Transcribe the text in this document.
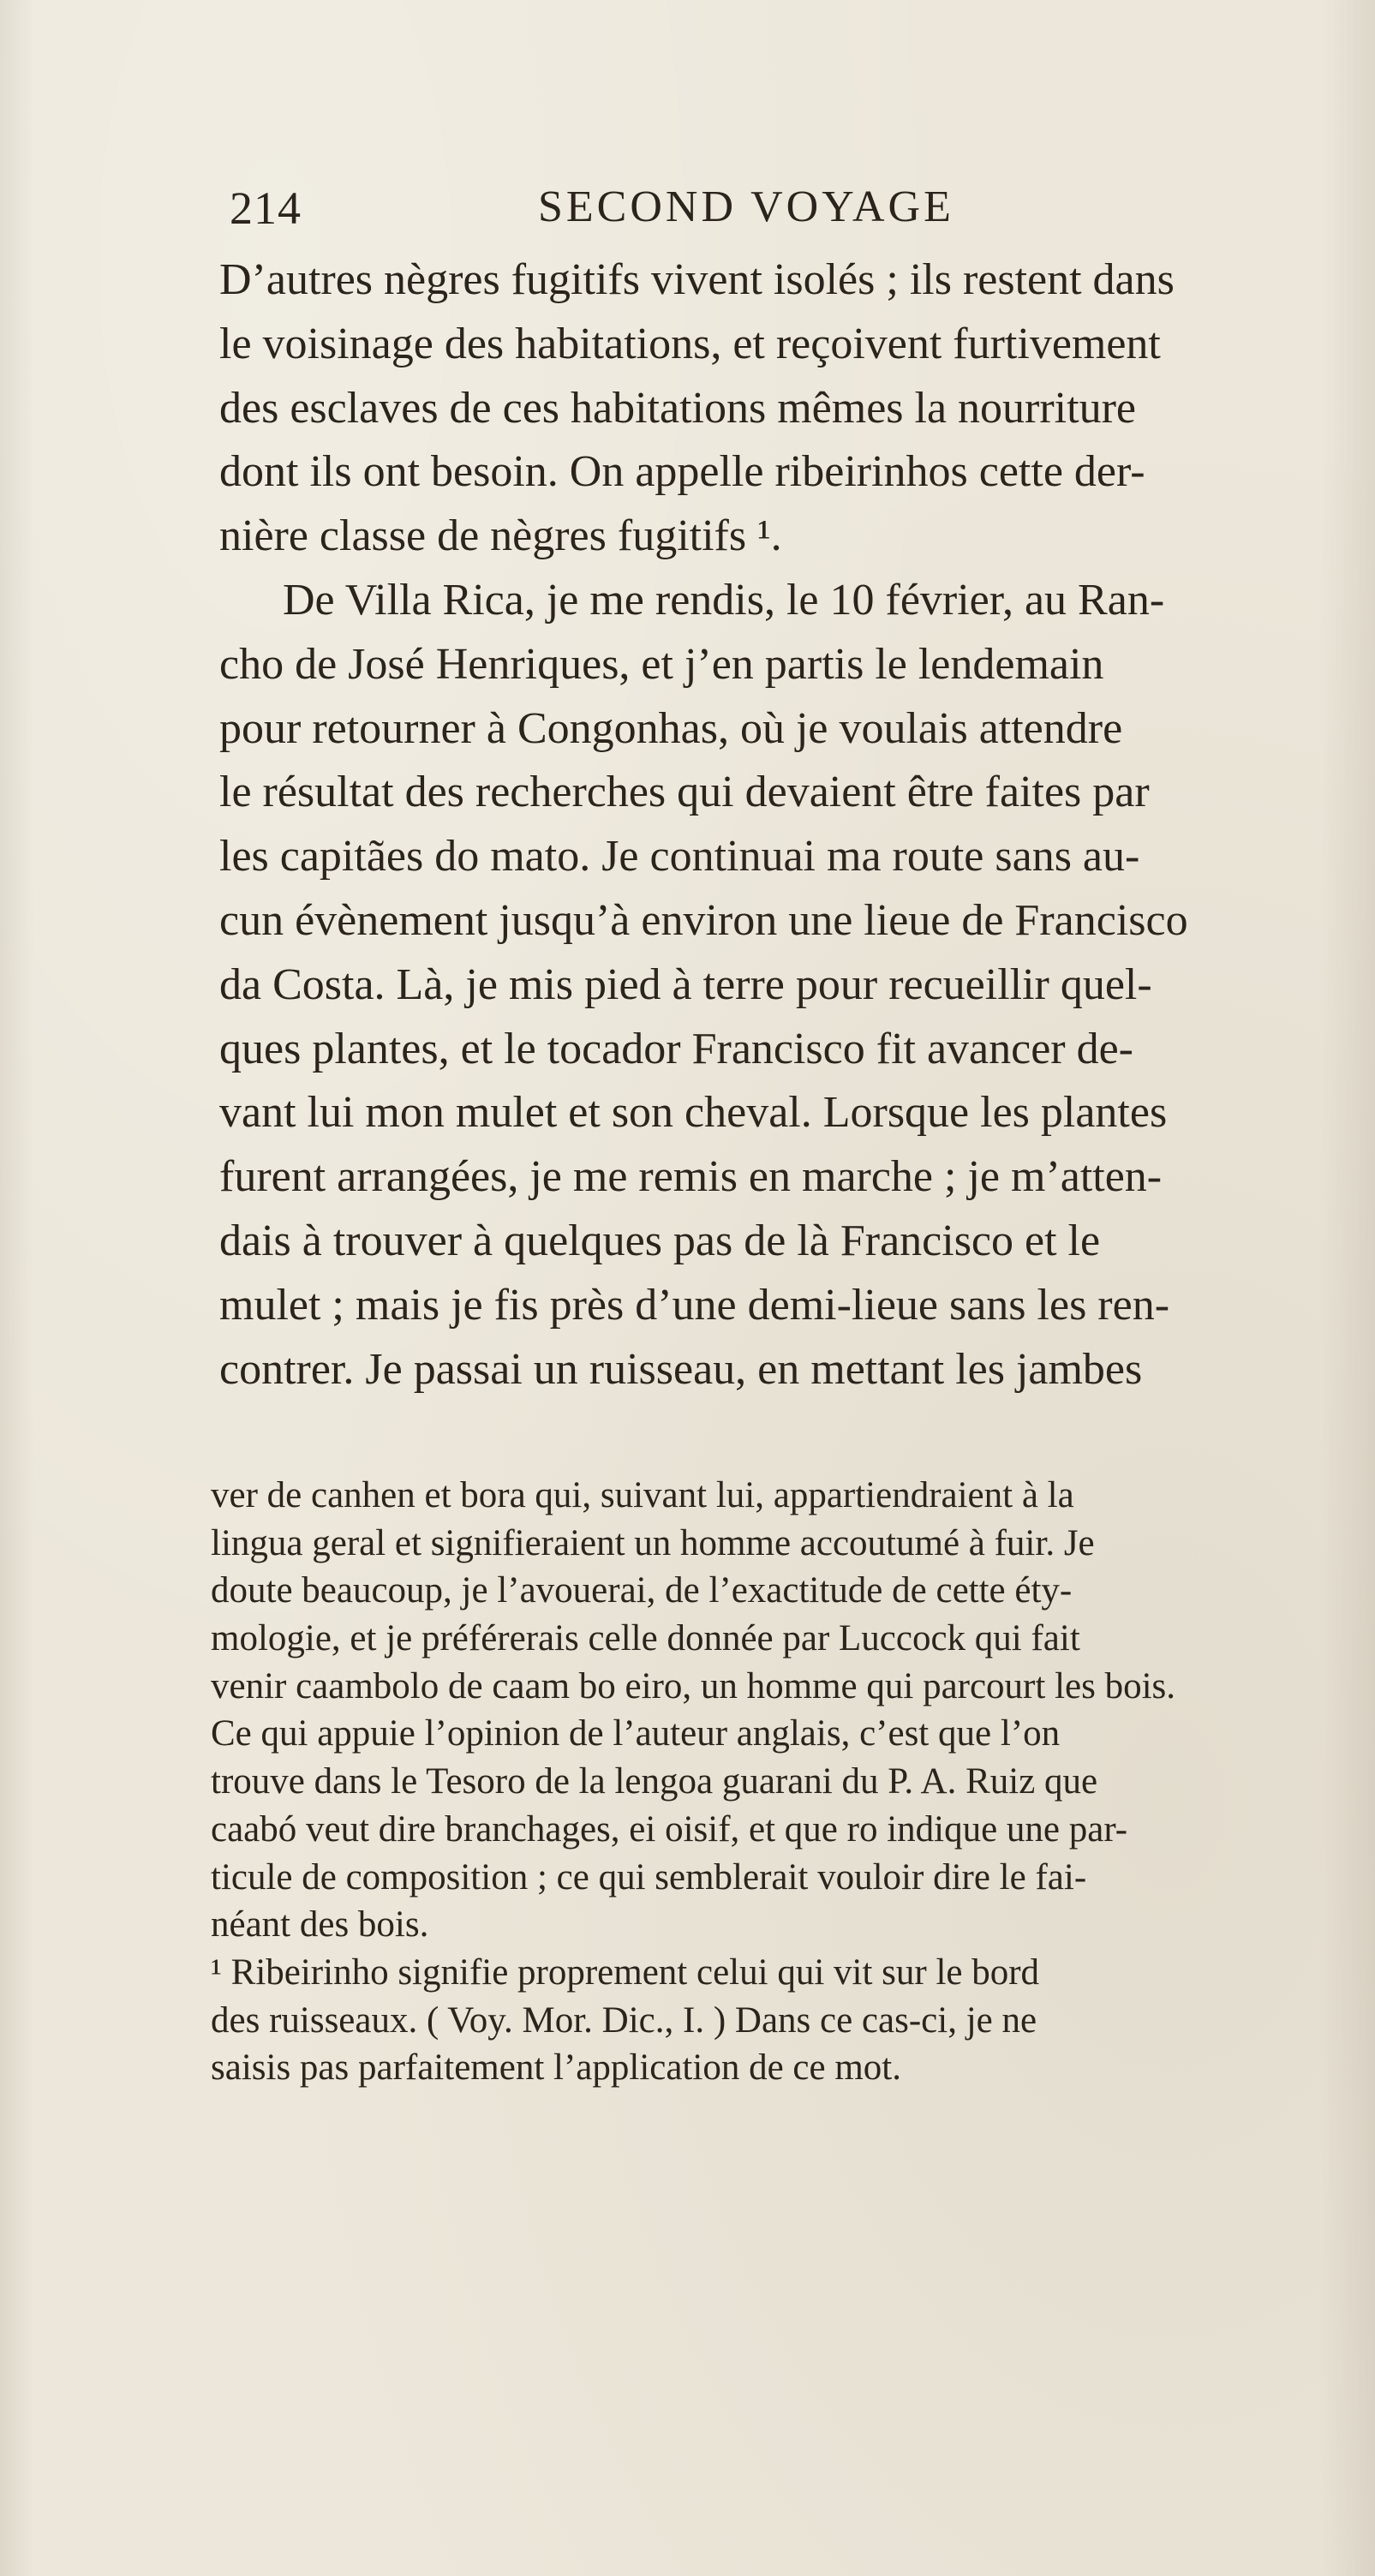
214	SECOND VOYAGE
D’autres nègres fugitifs vivent isolés ; ils restent dans
le voisinage des habitations, et reçoivent furtivement
des esclaves de ces habitations mêmes la nourriture
dont ils ont besoin. On appelle ribeirinhos cette der-
nière classe de nègres fugitifs ¹.
De Villa Rica, je me rendis, le 10 février, au Ran-
cho de José Henriques, et j’en partis le lendemain
pour retourner à Congonhas, où je voulais attendre
le résultat des recherches qui devaient être faites par
les capitães do mato. Je continuai ma route sans au-
cun évènement jusqu’à environ une lieue de Francisco
da Costa. Là, je mis pied à terre pour recueillir quel-
ques plantes, et le tocador Francisco fit avancer de-
vant lui mon mulet et son cheval. Lorsque les plantes
furent arrangées, je me remis en marche ; je m’atten-
dais à trouver à quelques pas de là Francisco et le
mulet ; mais je fis près d’une demi-lieue sans les ren-
contrer. Je passai un ruisseau, en mettant les jambes
ver de canhen et bora qui, suivant lui, appartiendraient à la
lingua geral et signifieraient un homme accoutumé à fuir. Je
doute beaucoup, je l’avouerai, de l’exactitude de cette éty-
mologie, et je préférerais celle donnée par Luccock qui fait
venir caambolo de caam bo eiro, un homme qui parcourt les bois.
Ce qui appuie l’opinion de l’auteur anglais, c’est que l’on
trouve dans le Tesoro de la lengoa guarani du P. A. Ruiz que
caabó veut dire branchages, ei oisif, et que ro indique une par-
ticule de composition ; ce qui semblerait vouloir dire le fai-
néant des bois.
¹ Ribeirinho signifie proprement celui qui vit sur le bord
des ruisseaux. ( Voy. Mor. Dic., I. ) Dans ce cas-ci, je ne
saisis pas parfaitement l’application de ce mot.
